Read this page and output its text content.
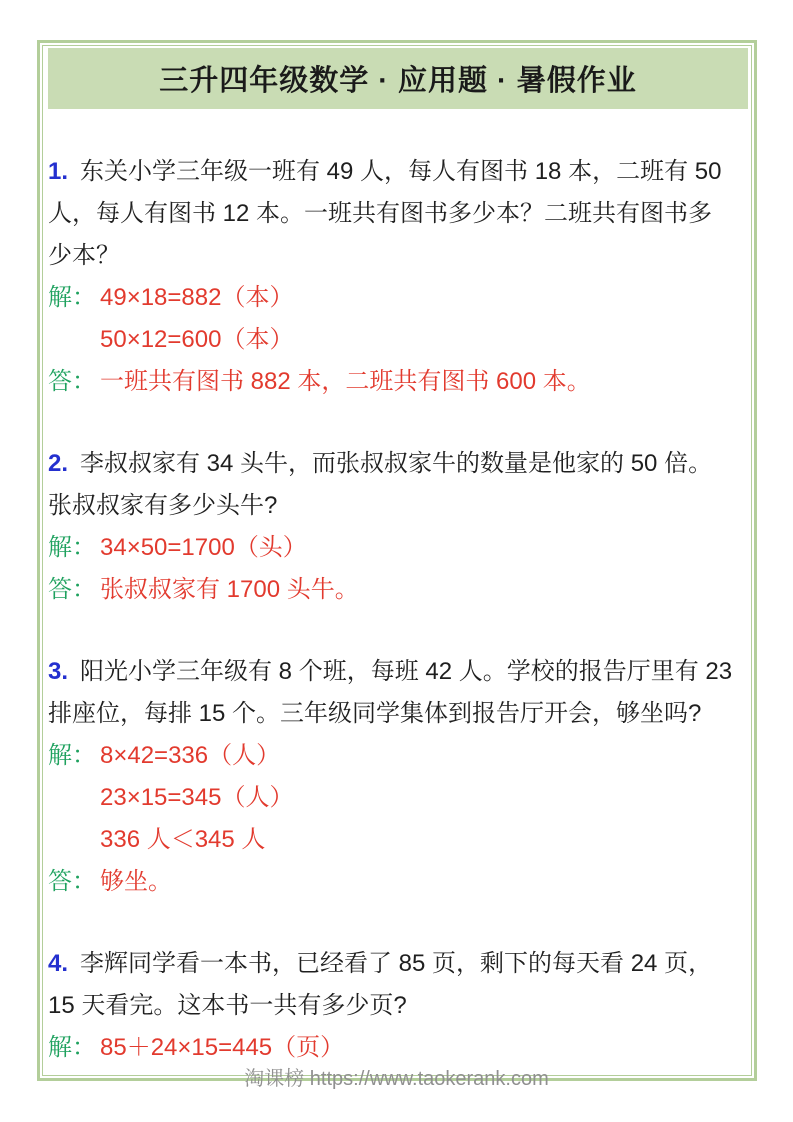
三升四年级数学 · 应用题 · 暑假作业
1. 东关小学三年级一班有 49 人，每人有图书 18 本，二班有 50
人，每人有图书 12 本。一班共有图书多少本？二班共有图书多
少本？
解： 49×18=882（本）
50×12=600（本）
答： 一班共有图书 882 本，二班共有图书 600 本。
2. 李叔叔家有 34 头牛，而张叔叔家牛的数量是他家的 50 倍。
张叔叔家有多少头牛?
解： 34×50=1700（头）
答： 张叔叔家有 1700 头牛。
3. 阳光小学三年级有 8 个班，每班 42 人。学校的报告厅里有 23
排座位，每排 15 个。三年级同学集体到报告厅开会，够坐吗?
解： 8×42=336（人）
23×15=345（人）
336 人＜345 人
答： 够坐。
4. 李辉同学看一本书，已经看了 85 页，剩下的每天看 24 页，
15 天看完。这本书一共有多少页?
解： 85＋24×15=445（页）
淘课榜 https://www.taokerank.com
